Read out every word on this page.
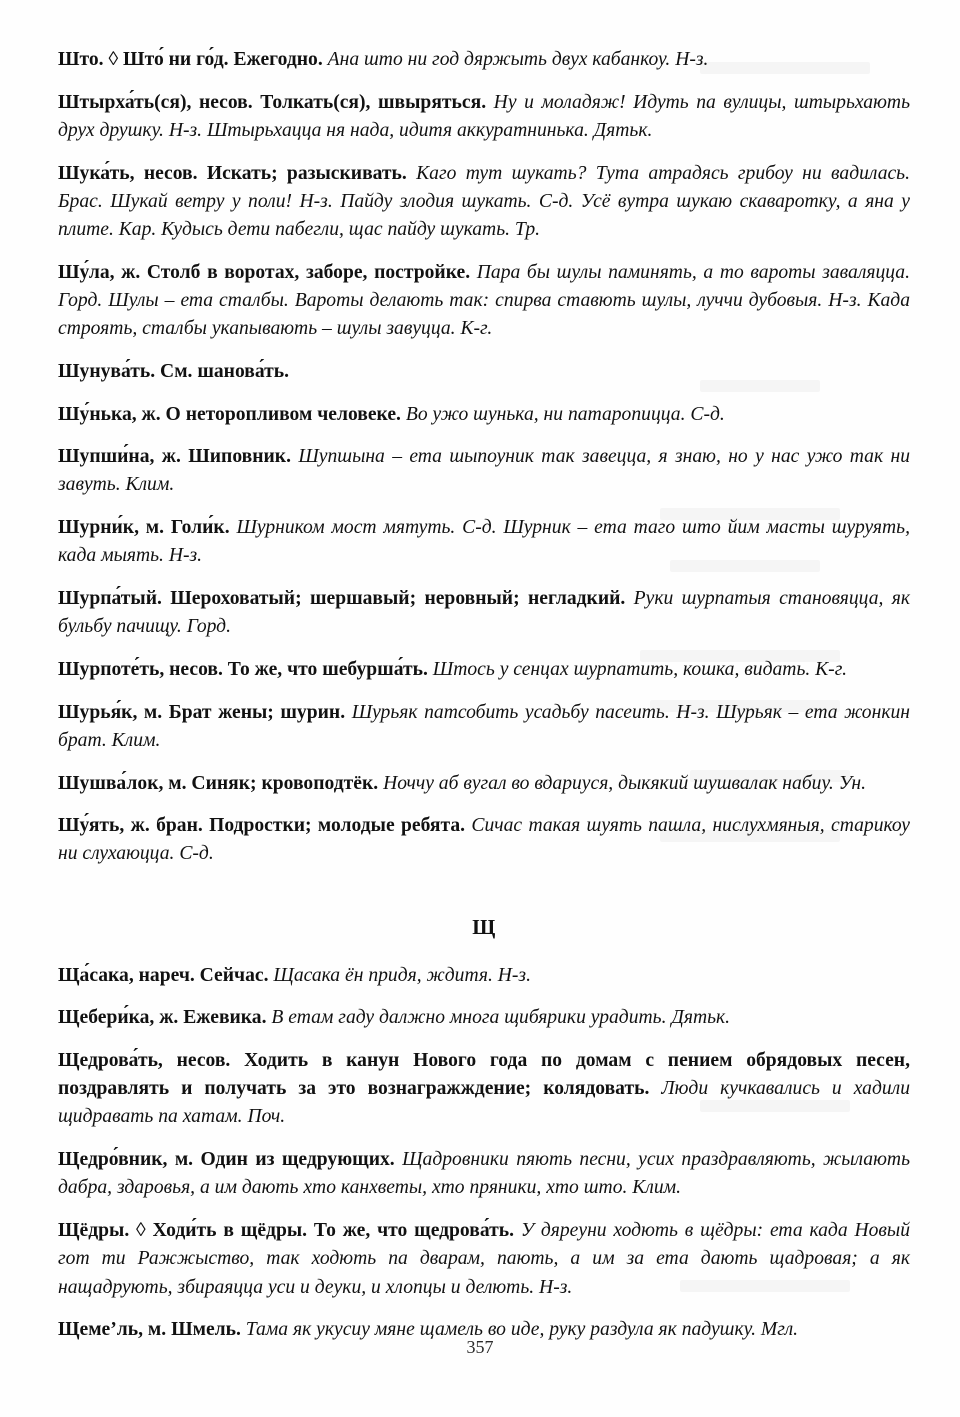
Што. ◊ Што́ ни го́д. Ежегодно. Ана што ни год дяржыть двух кабанкоу. Н-з.

Штырха́ть(ся), несов. Толкать(ся), швыряться. Ну и моладяж! Идуть па вулицы, штырьхають друх друшку. Н-з. Штырьхацца ня нада, идитя аккуратнинька. Дятьк.

Шука́ть, несов. Искать; разыскивать. Каго тут шукать? Тута атрадясь грибоу ни вадилась. Брас. Шукай ветру у поли! Н-з. Пайду злодия шукать. С-д. Усё вутра шукаю скаваротку, а яна у плите. Кар. Кудысь дети пабегли, щас пайду шукать. Тр.

Шу́ла, ж. Столб в воротах, заборе, постройке. Пара бы шулы паминять, а то вароты заваляцца. Горд. Шулы – ета сталбы. Вароты делають так: спирва ставють шулы, луччи дубовыя. Н-з. Када строять, сталбы укапывають – шулы завуцца. К-г.

Шунува́ть. См. шанова́ть.

Шу́нька, ж. О неторопливом человеке. Во ужо шунька, ни патаропицца. С-д.

Шупши́на, ж. Шиповник. Шупшына – ета шыпоуник так завецца, я знаю, но у нас ужо так ни завуть. Клим.

Шурни́к, м. Голи́к. Шурником мост мятуть. С-д. Шурник – ета таго што йим масты шуруять, када мыять. Н-з.

Шурпа́тый. Шероховатый; шершавый; неровный; негладкий. Руки шурпатыя становяцца, як бульбу пачищу. Горд.

Шурпоте́ть, несов. То же, что шебурша́ть. Штось у сенцах шурпатить, кошка, видать. К-г.

Шурья́к, м. Брат жены; шурин. Шурьяк патсобить усадьбу пасеить. Н-з. Шурьяк – ета жонкин брат. Клим.

Шушва́лок, м. Синяк; кровоподтёк. Ноччу аб вугал во вдариуся, дыкякий шушвалак набиу. Ун.

Шу́ять, ж. бран. Подростки; молодые ребята. Сичас такая шуять пашла, нислухмяныя, старикоу ни слухаюцца. С-д.

Щ

Ща́сака, нареч. Сейчас. Щасака ён придя, ждитя. Н-з.

Щебери́ка, ж. Ежевика. В етам гаду далжно многа щибярики урадить. Дятьк.

Щедрова́ть, несов. Ходить в канун Нового года по домам с пением обрядовых песен, поздравлять и получать за это вознагражждение; колядовать. Люди кучкавались и хадили щидравать па хатам. Поч.

Щедро́вник, м. Один из щедрующих. Щадровники пяють песни, усих праздравляють, жылають дабра, здаровья, а им дають хто канхветы, хто пряники, хто што. Клим.

Щёдры. ◊ Ходи́ть в щёдры. То же, что щедрова́ть. У дяреуни ходють в щёдры: ета када Новый гот ти Ражжыство, так ходють па дварам, пають, а им за ета дають щадровая; а як нащадрують, збираяцца уси и деуки, и хлопцы и делють. Н-з.

Щеме’ль, м. Шмель. Тама як укусиу мяне щамель во иде, руку раздула як падушку. Мгл.

357
